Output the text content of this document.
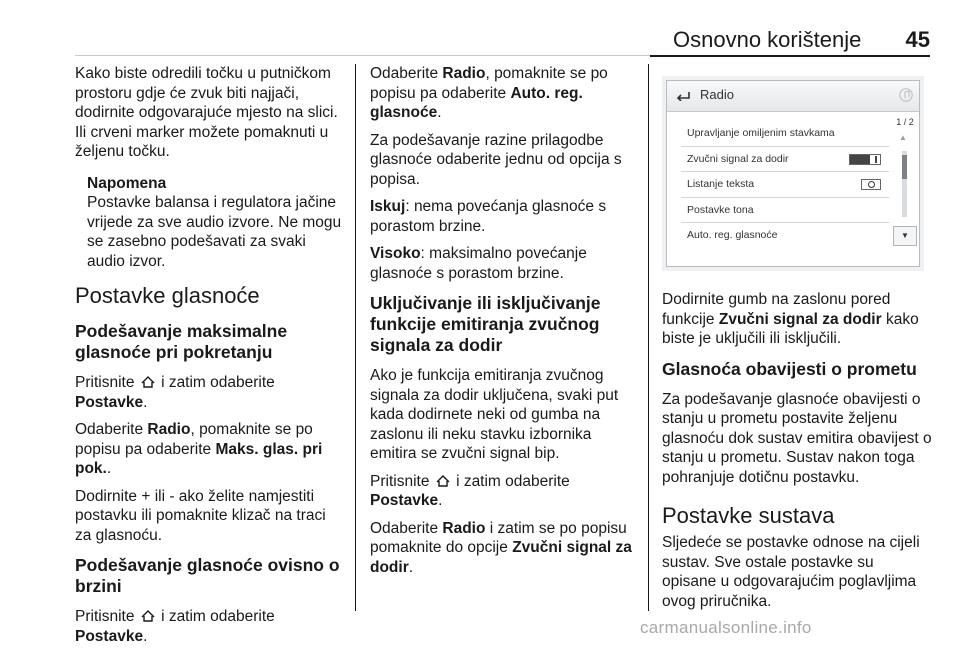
Osnovno korištenje	45

Kako biste odredili točku u putničkom prostoru gdje će zvuk biti najjači, dodirnite odgovarajuće mjesto na slici. Ili crveni marker možete pomaknuti u željenu točku.

Napomena

Postavke balansa i regulatora jačine vrijede za sve audio izvore. Ne mogu se zasebno podešavati za svaki audio izvor.

Postavke glasnoće
Podešavanje maksimalne glasnoće pri pokretanju

Pritisnite i zatim odaberite
Postavke.

Odaberite Radio, pomaknite se po popisu pa odaberite Maks. glas. pri pok..

Dodirnite + ili - ako želite namjestiti postavku ili pomaknite klizač na traci za glasnoću.

Podešavanje glasnoće ovisno o brzini

Pritisnite i zatim odaberite
Postavke.

Odaberite Radio, pomaknite se po popisu pa odaberite Auto. reg. glasnoće.

Za podešavanje razine prilagodbe glasnoće odaberite jednu od opcija s popisa.

Iskuj: nema povećanja glasnoće s porastom brzine.

Visoko: maksimalno povećanje glasnoće s porastom brzine.

Uključivanje ili isključivanje funkcije emitiranja zvučnog signala za dodir

Ako je funkcija emitiranja zvučnog signala za dodir uključena, svaki put kada dodirnete neki od gumba na zaslonu ili neku stavku izbornika emitira se zvučni signal bip.

Pritisnite i zatim odaberite
Postavke.

Odaberite Radio i zatim se po popisu pomaknite do opcije Zvučni signal za dodir.

Radio
1 / 2
▲
▼
Upravljanje omiljenim stavkama
Zvučni signal za dodir
Listanje teksta
Postavke tona
Auto. reg. glasnoće

Dodirnite gumb na zaslonu pored funkcije Zvučni signal za dodir kako biste je uključili ili isključili.

Glasnoća obavijesti o prometu

Za podešavanje glasnoće obavijesti o stanju u prometu postavite željenu glasnoću dok sustav emitira obavijest o stanju u prometu. Sustav nakon toga pohranjuje dotičnu postavku.

Postavke sustava

Sljedeće se postavke odnose na cijeli sustav. Sve ostale postavke su opisane u odgovarajućim poglavljima ovog priručnika.

carmanualsonline.info
